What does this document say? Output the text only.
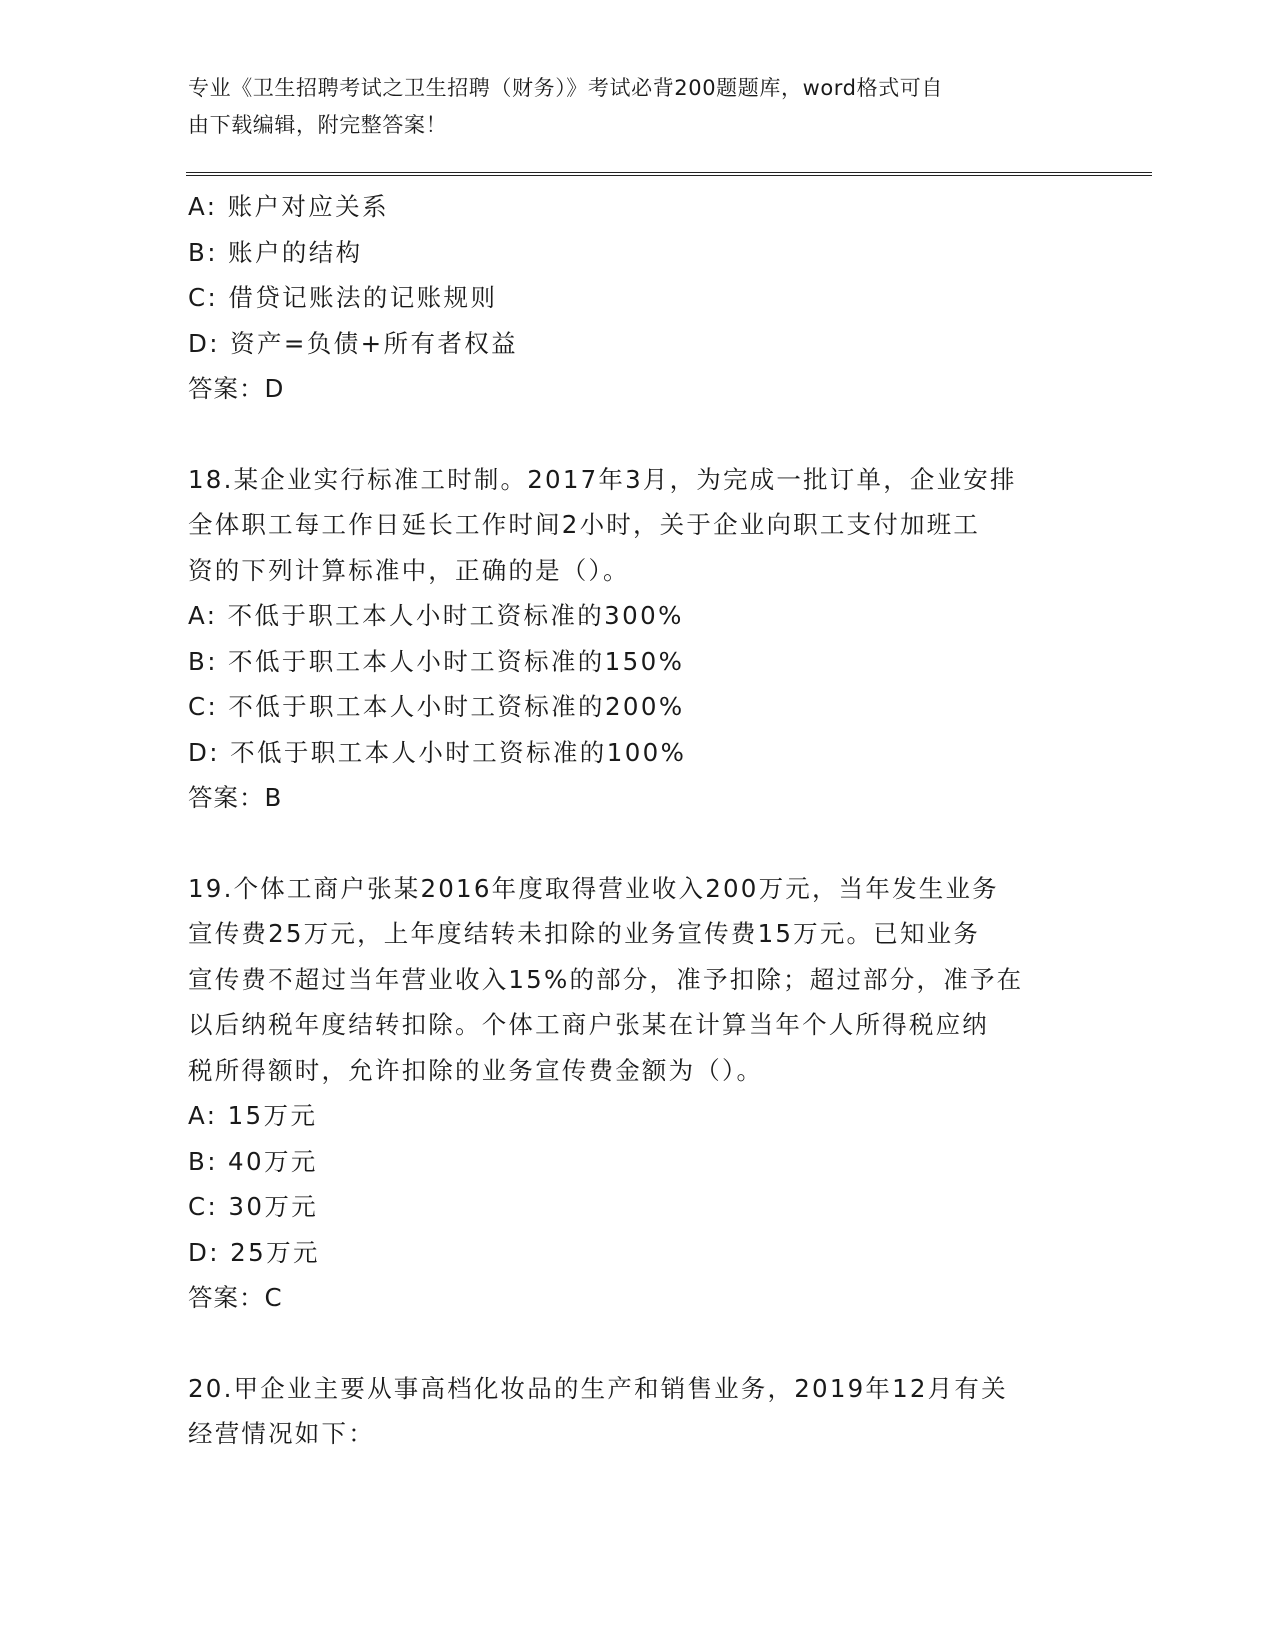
专业《卫生招聘考试之卫生招聘（财务）》考试必背200题题库，word格式可自

由下载编辑，附完整答案！

A: 账户对应关系

B: 账户的结构

C: 借贷记账法的记账规则

D: 资产=负债+所有者权益

答案：D

18.某企业实行标准工时制。2017年3月，为完成一批订单，企业安排

全体职工每工作日延长工作时间2小时，关于企业向职工支付加班工

资的下列计算标准中，正确的是（）。

A: 不低于职工本人小时工资标准的300%

B: 不低于职工本人小时工资标准的150%

C: 不低于职工本人小时工资标准的200%

D: 不低于职工本人小时工资标准的100%

答案：B

19.个体工商户张某2016年度取得营业收入200万元，当年发生业务

宣传费25万元，上年度结转未扣除的业务宣传费15万元。已知业务

宣传费不超过当年营业收入15%的部分，准予扣除；超过部分，准予在

以后纳税年度结转扣除。个体工商户张某在计算当年个人所得税应纳

税所得额时，允许扣除的业务宣传费金额为（）。

A: 15万元

B: 40万元

C: 30万元

D: 25万元

答案：C

20.甲企业主要从事高档化妆品的生产和销售业务，2019年12月有关

经营情况如下：
